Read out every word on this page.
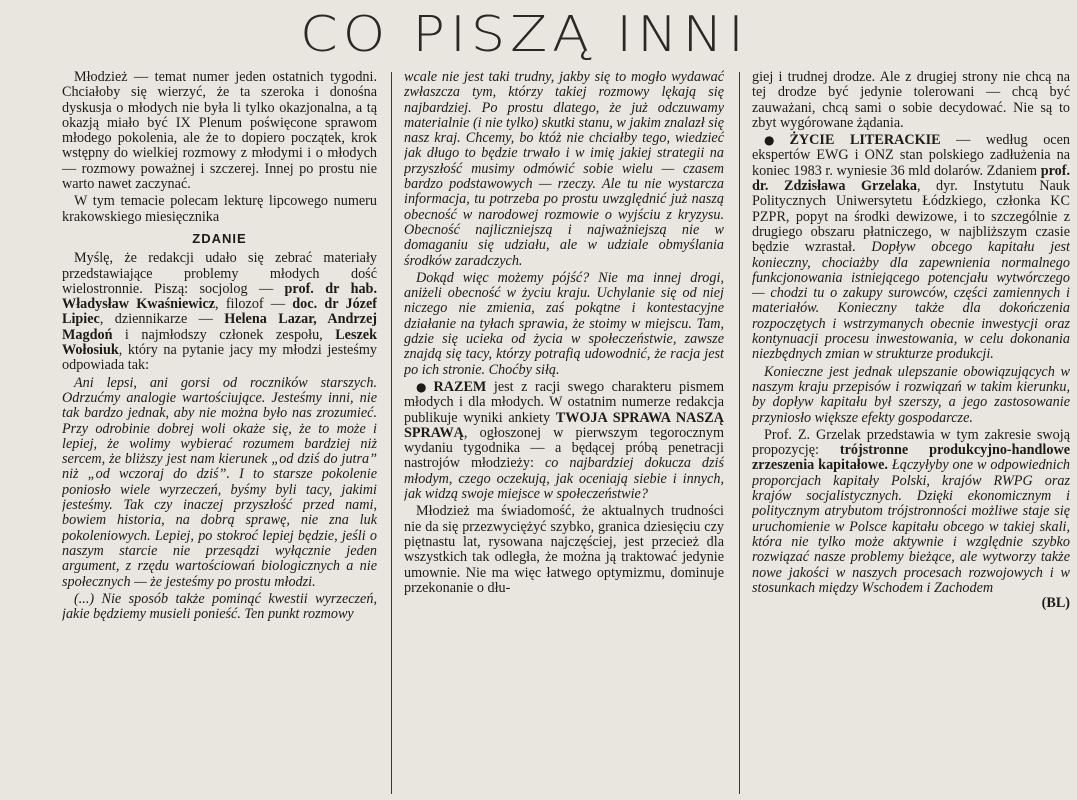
CO PISZĄ INNI

Młodzież — temat numer jeden ostatnich tygodni. Chciałoby się wierzyć, że ta szeroka i donośna dyskusja o młodych nie była li tylko okazjonalna, a tą okazją miało być IX Plenum poświęcone sprawom młodego pokolenia, ale że to dopiero początek, krok wstępny do wielkiej rozmowy z młodymi i o młodych — rozmowy poważnej i szczerej. Innej po prostu nie warto nawet zaczynać.

W tym temacie polecam lekturę lipcowego numeru krakowskiego miesięcznika

ZDANIE

Myślę, że redakcji udało się zebrać materiały przedstawiające problemy młodych dość wielostronnie. Piszą: socjolog — prof. dr hab. Władysław Kwaśniewicz, filozof — doc. dr Józef Lipiec, dziennikarze — Helena Lazar, Andrzej Magdoń i najmłodszy członek zespołu, Leszek Wołosiuk, który na pytanie jacy my młodzi jesteśmy odpowiada tak:

Ani lepsi, ani gorsi od roczników starszych. Odrzućmy analogie wartościujące. Jesteśmy inni, nie tak bardzo jednak, aby nie można było nas zrozumieć. Przy odrobinie dobrej woli okaże się, że to może i lepiej, że wolimy wybierać rozumem bardziej niż sercem, że bliższy jest nam kierunek „od dziś do jutra” niż „od wczoraj do dziś”. I to starsze pokolenie poniosło wiele wyrzeczeń, byśmy byli tacy, jakimi jesteśmy. Tak czy inaczej przyszłość przed nami, bowiem historia, na dobrą sprawę, nie zna luk pokoleniowych. Lepiej, po stokroć lepiej będzie, jeśli o naszym starcie nie przesądzi wyłącznie jeden argument, z rzędu wartościowań biologicznych a nie społecznych — że jesteśmy po prostu młodzi.

(...) Nie sposób także pominąć kwestii wyrzeczeń, jakie będziemy musieli ponieść. Ten punkt rozmowy

wcale nie jest taki trudny, jakby się to mogło wydawać zwłaszcza tym, którzy takiej rozmowy lękają się najbardziej. Po prostu dlatego, że już odczuwamy materialnie (i nie tylko) skutki stanu, w jakim znalazł się nasz kraj. Chcemy, bo któż nie chciałby tego, wiedzieć jak długo to będzie trwało i w imię jakiej strategii na przyszłość musimy odmówić sobie wielu — czasem bardzo podstawowych — rzeczy. Ale tu nie wystarcza informacja, tu potrzeba po prostu uwzględnić już naszą obecność w narodowej rozmowie o wyjściu z kryzysu. Obecność najliczniejszą i najważniejszą nie w domaganiu się udziału, ale w udziale obmyślania środków zaradczych.

Dokąd więc możemy pójść? Nie ma innej drogi, aniżeli obecność w życiu kraju. Uchylanie się od niej niczego nie zmienia, zaś pokątne i kontestacyjne działanie na tyłach sprawia, że stoimy w miejscu. Tam, gdzie się ucieka od życia w społeczeństwie, zawsze znajdą się tacy, którzy potrafią udowodnić, że racja jest po ich stronie. Choćby siłą.

● RAZEM jest z racji swego charakteru pismem młodych i dla młodych. W ostatnim numerze redakcja publikuje wyniki ankiety TWOJA SPRAWA NASZĄ SPRAWĄ, ogłoszonej w pierwszym tegorocznym wydaniu tygodnika — a będącej próbą penetracji nastrojów młodzieży: co najbardziej dokucza dziś młodym, czego oczekują, jak oceniają siebie i innych, jak widzą swoje miejsce w społeczeństwie?

Młodzież ma świadomość, że aktualnych trudności nie da się przezwyciężyć szybko, granica dziesięciu czy piętnastu lat, rysowana najczęściej, jest przecież dla wszystkich tak odległa, że można ją traktować jedynie umownie. Nie ma więc łatwego optymizmu, dominuje przekonanie o dłu-

giej i trudnej drodze. Ale z drugiej strony nie chcą na tej drodze być jedynie tolerowani — chcą być zauważani, chcą sami o sobie decydować. Nie są to zbyt wygórowane żądania.

● ŻYCIE LITERACKIE — według ocen ekspertów EWG i ONZ stan polskiego zadłużenia na koniec 1983 r. wyniesie 36 mld dolarów. Zdaniem prof. dr. Zdzisława Grzelaka, dyr. Instytutu Nauk Politycznych Uniwersytetu Łódzkiego, członka KC PZPR, popyt na środki dewizowe, i to szczególnie z drugiego obszaru płatniczego, w najbliższym czasie będzie wzrastał. Dopływ obcego kapitału jest konieczny, chociażby dla zapewnienia normalnego funkcjonowania istniejącego potencjału wytwórczego — chodzi tu o zakupy surowców, części zamiennych i materiałów. Konieczny także dla dokończenia rozpoczętych i wstrzymanych obecnie inwestycji oraz kontynuacji procesu inwestowania, w celu dokonania niezbędnych zmian w strukturze produkcji.

Konieczne jest jednak ulepszanie obowiązujących w naszym kraju przepisów i rozwiązań w takim kierunku, by dopływ kapitału był szerszy, a jego zastosowanie przyniosło większe efekty gospodarcze.

Prof. Z. Grzelak przedstawia w tym zakresie swoją propozycję: trójstronne produkcyjno-handlowe zrzeszenia kapitałowe. Łączyłyby one w odpowiednich proporcjach kapitały Polski, krajów RWPG oraz krajów socjalistycznych. Dzięki ekonomicznym i politycznym atrybutom trójstronności możliwe staje się uruchomienie w Polsce kapitału obcego w takiej skali, która nie tylko może aktywnie i względnie szybko rozwiązać nasze problemy bieżące, ale wytworzy także nowe jakości w naszych procesach rozwojowych i w stosunkach między Wschodem i Zachodem
(BL)
